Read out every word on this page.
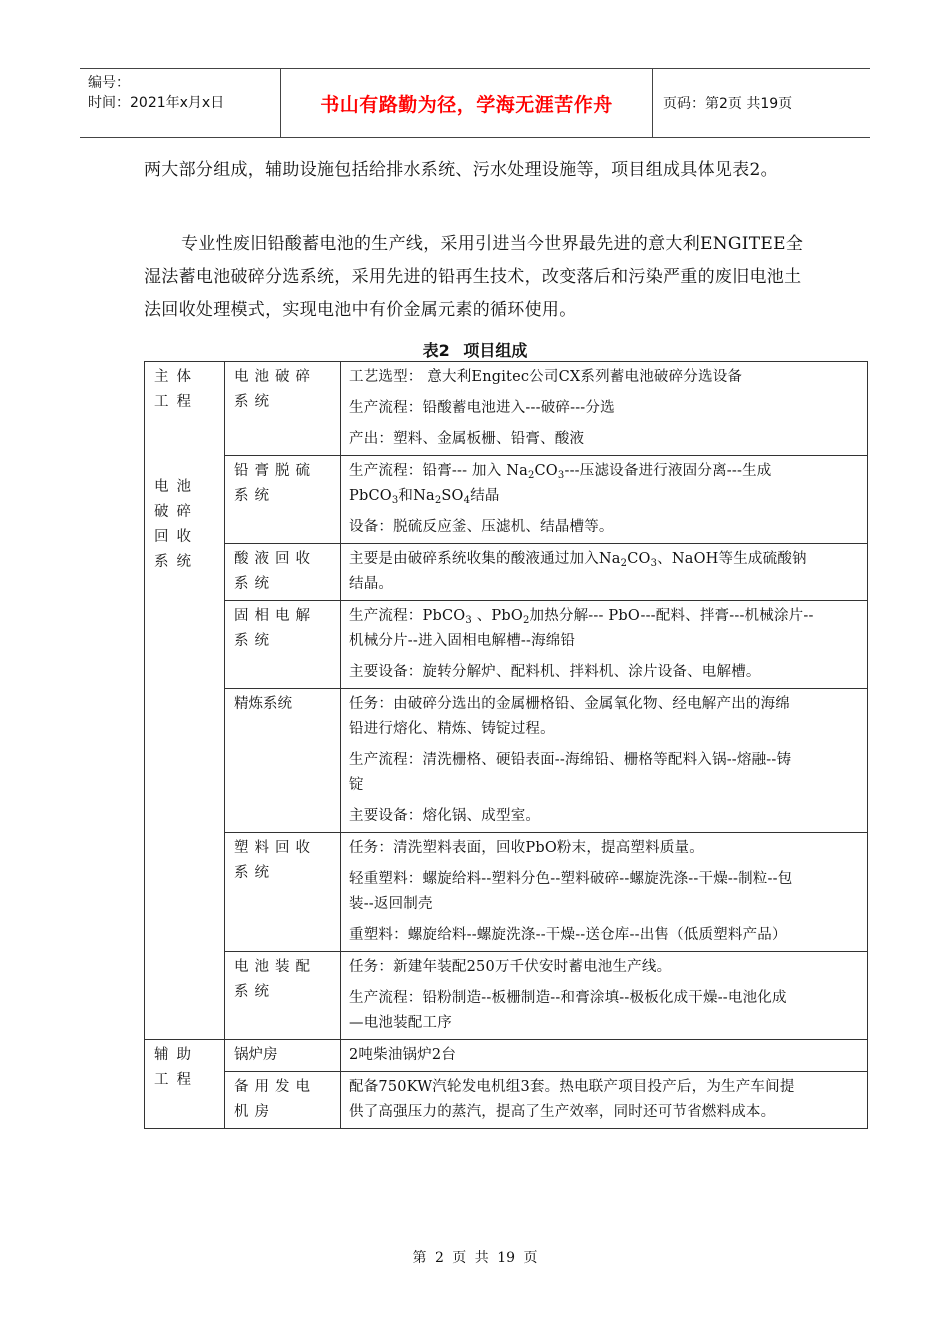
编号：
时间：2021年x月x日	书山有路勤为径，学海无涯苦作舟	页码：第2页 共19页
两大部分组成，辅助设施包括给排水系统、污水处理设施等，项目组成具体见表2。
专业性废旧铅酸蓄电池的生产线，采用引进当今世界最先进的意大利ENGITEE全湿法蓄电池破碎分选系统，采用先进的铅再生技术，改变落后和污染严重的废旧电池土法回收处理模式，实现电池中有价金属元素的循环使用。
表2 项目组成
主体工程
电池破碎回收系统	电池破碎系统	工艺选型： 意大利Engitec公司CX系列蓄电池破碎分选设备
生产流程：铅酸蓄电池进入---破碎---分选
产出：塑料、金属板栅、铅膏、酸液

	铅膏脱硫系统	生产流程：铅膏--- 加入 $Na_2CO_3---$压滤设备进行液固分离---生成
PbCO$_3$和$Na_2SO_4$结晶
设备：脱硫反应釜、压滤机、结晶槽等。

	酸液回收系统	主要是由破碎系统收集的酸液通过加入$Na_2CO_3$、NaOH等生成硫酸钠
结晶。

	固相电解系统	生产流程：PbCO$_3$ 、PbO$_2$加热分解--- PbO---配料、拌膏---机械涂片--
机械分片--进入固相电解槽--海绵铅
主要设备：旋转分解炉、配料机、拌料机、涂片设备、电解槽。

	精炼系统	任务：由破碎分选出的金属栅格铅、金属氧化物、经电解产出的海绵
铅进行熔化、精炼、铸锭过程。
生产流程：清洗栅格、硬铅表面--海绵铅、栅格等配料入锅--熔融--铸
锭
主要设备：熔化锅、成型室。

	塑料回收系统	任务：清洗塑料表面，回收PbO粉末，提高塑料质量。
轻重塑料：螺旋给料--塑料分色--塑料破碎--螺旋洗涤--干燥--制粒--包
装--返回制壳
重塑料：螺旋给料--螺旋洗涤--干燥--送仓库--出售（低质塑料产品）

	电池装配系统	任务：新建年装配250万千伏安时蓄电池生产线。
生产流程：铅粉制造--板栅制造--和膏涂填--极板化成干燥--电池化成
—电池装配工序

辅助工程	锅炉房	2吨柴油锅炉2台

	备用发电机房	配备750KW汽轮发电机组3套。热电联产项目投产后，为生产车间提
供了高强压力的蒸汽，提高了生产效率，同时还可节省燃料成本。
第 2 页 共 19 页
